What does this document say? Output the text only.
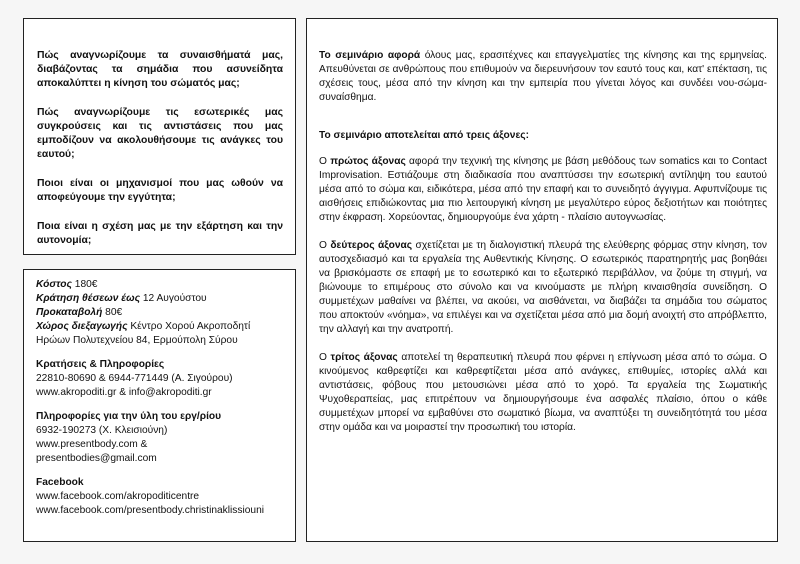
Πώς αναγνωρίζουμε τα συναισθήματά μας, διαβάζοντας τα σημάδια που ασυνείδητα αποκαλύπτει η κίνηση του σώματός μας;

Πώς αναγνωρίζουμε τις εσωτερικές μας συγκρούσεις και τις αντιστάσεις που μας εμποδίζουν να ακολουθήσουμε τις ανάγκες του εαυτού;

Ποιοι είναι οι μηχανισμοί που μας ωθούν να αποφεύγουμε την εγγύτητα;

Ποια είναι η σχέση μας με την εξάρτηση και την αυτονομία;

Κόστος 180€

Κράτηση θέσεων έως 12 Αυγούστου

Προκαταβολή 80€

Χώρος διεξαγωγής Κέντρο Χορού Ακροποδητί

Ηρώων Πολυτεχνείου 84, Ερμούπολη Σύρου

Κρατήσεις & Πληροφορίες

22810-80690 & 6944-771449 (Α. Σιγούρου)

www.akropoditi.gr & info@akropoditi.gr

Πληροφορίες για την ύλη του εργ/ρίου

6932-190273 (Χ. Κλεισιούνη)

www.presentbody.com &

presentbodies@gmail.com

Facebook

www.facebook.com/akropoditicentre

www.facebook.com/presentbody.christinaklissiouni

Το σεμινάριο αφορά όλους μας, ερασιτέχνες και επαγγελματίες της κίνησης και της ερμηνείας. Απευθύνεται σε ανθρώπους που επιθυμούν να διερευνήσουν τον εαυτό τους και, κατ' επέκταση, τις σχέσεις τους, μέσα από την κίνηση και την εμπειρία που γίνεται λόγος και συνδέει νου-σώμα-συναίσθημα.

Το σεμινάριο αποτελείται από τρεις άξονες:

Ο πρώτος άξονας αφορά την τεχνική της κίνησης με βάση μεθόδους των somatics και το Contact Improvisation. Εστιάζουμε στη διαδικασία που αναπτύσσει την εσωτερική αντίληψη του εαυτού μέσα από το σώμα και, ειδικότερα, μέσα από την επαφή και το συνειδητό άγγιγμα. Αφυπνίζουμε τις αισθήσεις επιδιώκοντας μια πιο λειτουργική κίνηση με μεγαλύτερο εύρος δεξιοτήτων και ποιότητες στην έκφραση. Χορεύοντας, δημιουργούμε ένα χάρτη - πλαίσιο αυτογνωσίας.

Ο δεύτερος άξονας σχετίζεται με τη διαλογιστική πλευρά της ελεύθερης φόρμας στην κίνηση, τον αυτοσχεδιασμό και τα εργαλεία της Αυθεντικής Κίνησης. Ο εσωτερικός παρατηρητής μας βοηθάει να βρισκόμαστε σε επαφή με το εσωτερικό και το εξωτερικό περιβάλλον, να ζούμε τη στιγμή, να βιώνουμε το επιμέρους στο σύνολο και να κινούμαστε με πλήρη κιναισθησία συνείδηση. Ο συμμετέχων μαθαίνει να βλέπει, να ακούει, να αισθάνεται, να διαβάζει τα σημάδια του σώματος που αποκτούν «νόημα», να επιλέγει και να σχετίζεται μέσα από μια δομή ανοιχτή στο απρόβλεπτο, την αλλαγή και την ανατροπή.

Ο τρίτος άξονας αποτελεί τη θεραπευτική πλευρά που φέρνει η επίγνωση μέσα από το σώμα. Ο κινούμενος καθρεφτίζει και καθρεφτίζεται μέσα από ανάγκες, επιθυμίες, ιστορίες αλλά και αντιστάσεις, φόβους που μετουσιώνει μέσα από το χορό. Τα εργαλεία της Σωματικής Ψυχοθεραπείας, μας επιτρέπουν να δημιουργήσουμε ένα ασφαλές πλαίσιο, όπου ο κάθε συμμετέχων μπορεί να εμβαθύνει στο σωματικό βίωμα, να αναπτύξει τη συνειδητότητά του μέσα στην ομάδα και να μοιραστεί την προσωπική του ιστορία.
